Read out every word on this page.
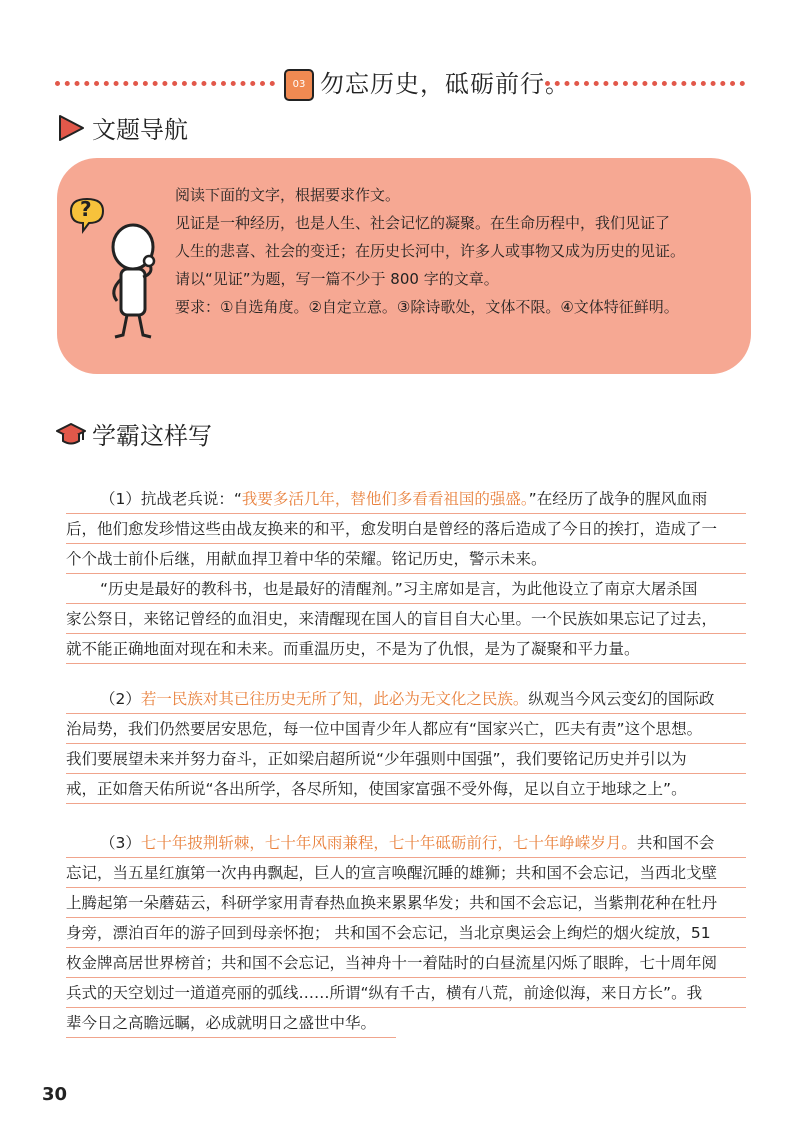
03 勿忘历史，砥砺前行。
文题导航
?
阅读下面的文字，根据要求作文。
见证是一种经历，也是人生、社会记忆的凝聚。在生命历程中，我们见证了
人生的悲喜、社会的变迁；在历史长河中，许多人或事物又成为历史的见证。
请以“见证”为题，写一篇不少于 800 字的文章。
要求：①自选角度。②自定立意。③除诗歌处，文体不限。④文体特征鲜明。
学霸这样写
（1）抗战老兵说：“我要多活几年，替他们多看看祖国的强盛。”在经历了战争的腥风血雨
后，他们愈发珍惜这些由战友换来的和平，愈发明白是曾经的落后造成了今日的挨打，造成了一
个个战士前仆后继，用献血捍卫着中华的荣耀。铭记历史，警示未来。
“历史是最好的教科书，也是最好的清醒剂。”习主席如是言，为此他设立了南京大屠杀国
家公祭日，来铭记曾经的血泪史，来清醒现在国人的盲目自大心里。一个民族如果忘记了过去，
就不能正确地面对现在和未来。而重温历史，不是为了仇恨，是为了凝聚和平力量。
（2）若一民族对其已往历史无所了知，此必为无文化之民族。纵观当今风云变幻的国际政
治局势，我们仍然要居安思危，每一位中国青少年人都应有“国家兴亡，匹夫有责”这个思想。
我们要展望未来并努力奋斗，正如梁启超所说“少年强则中国强”，我们要铭记历史并引以为
戒，正如詹天佑所说“各出所学，各尽所知，使国家富强不受外侮，足以自立于地球之上”。
（3）七十年披荆斩棘，七十年风雨兼程，七十年砥砺前行，七十年峥嵘岁月。共和国不会
忘记，当五星红旗第一次冉冉飘起，巨人的宣言唤醒沉睡的雄狮；共和国不会忘记，当西北戈壁
上腾起第一朵蘑菇云，科研学家用青春热血换来累累华发；共和国不会忘记，当紫荆花种在牡丹
身旁，漂泊百年的游子回到母亲怀抱； 共和国不会忘记，当北京奥运会上绚烂的烟火绽放，51
枚金牌高居世界榜首；共和国不会忘记，当神舟十一着陆时的白昼流星闪烁了眼眸，七十周年阅
兵式的天空划过一道道亮丽的弧线……所谓“纵有千古，横有八荒，前途似海，来日方长”。我
辈今日之高瞻远瞩，必成就明日之盛世中华。
30
